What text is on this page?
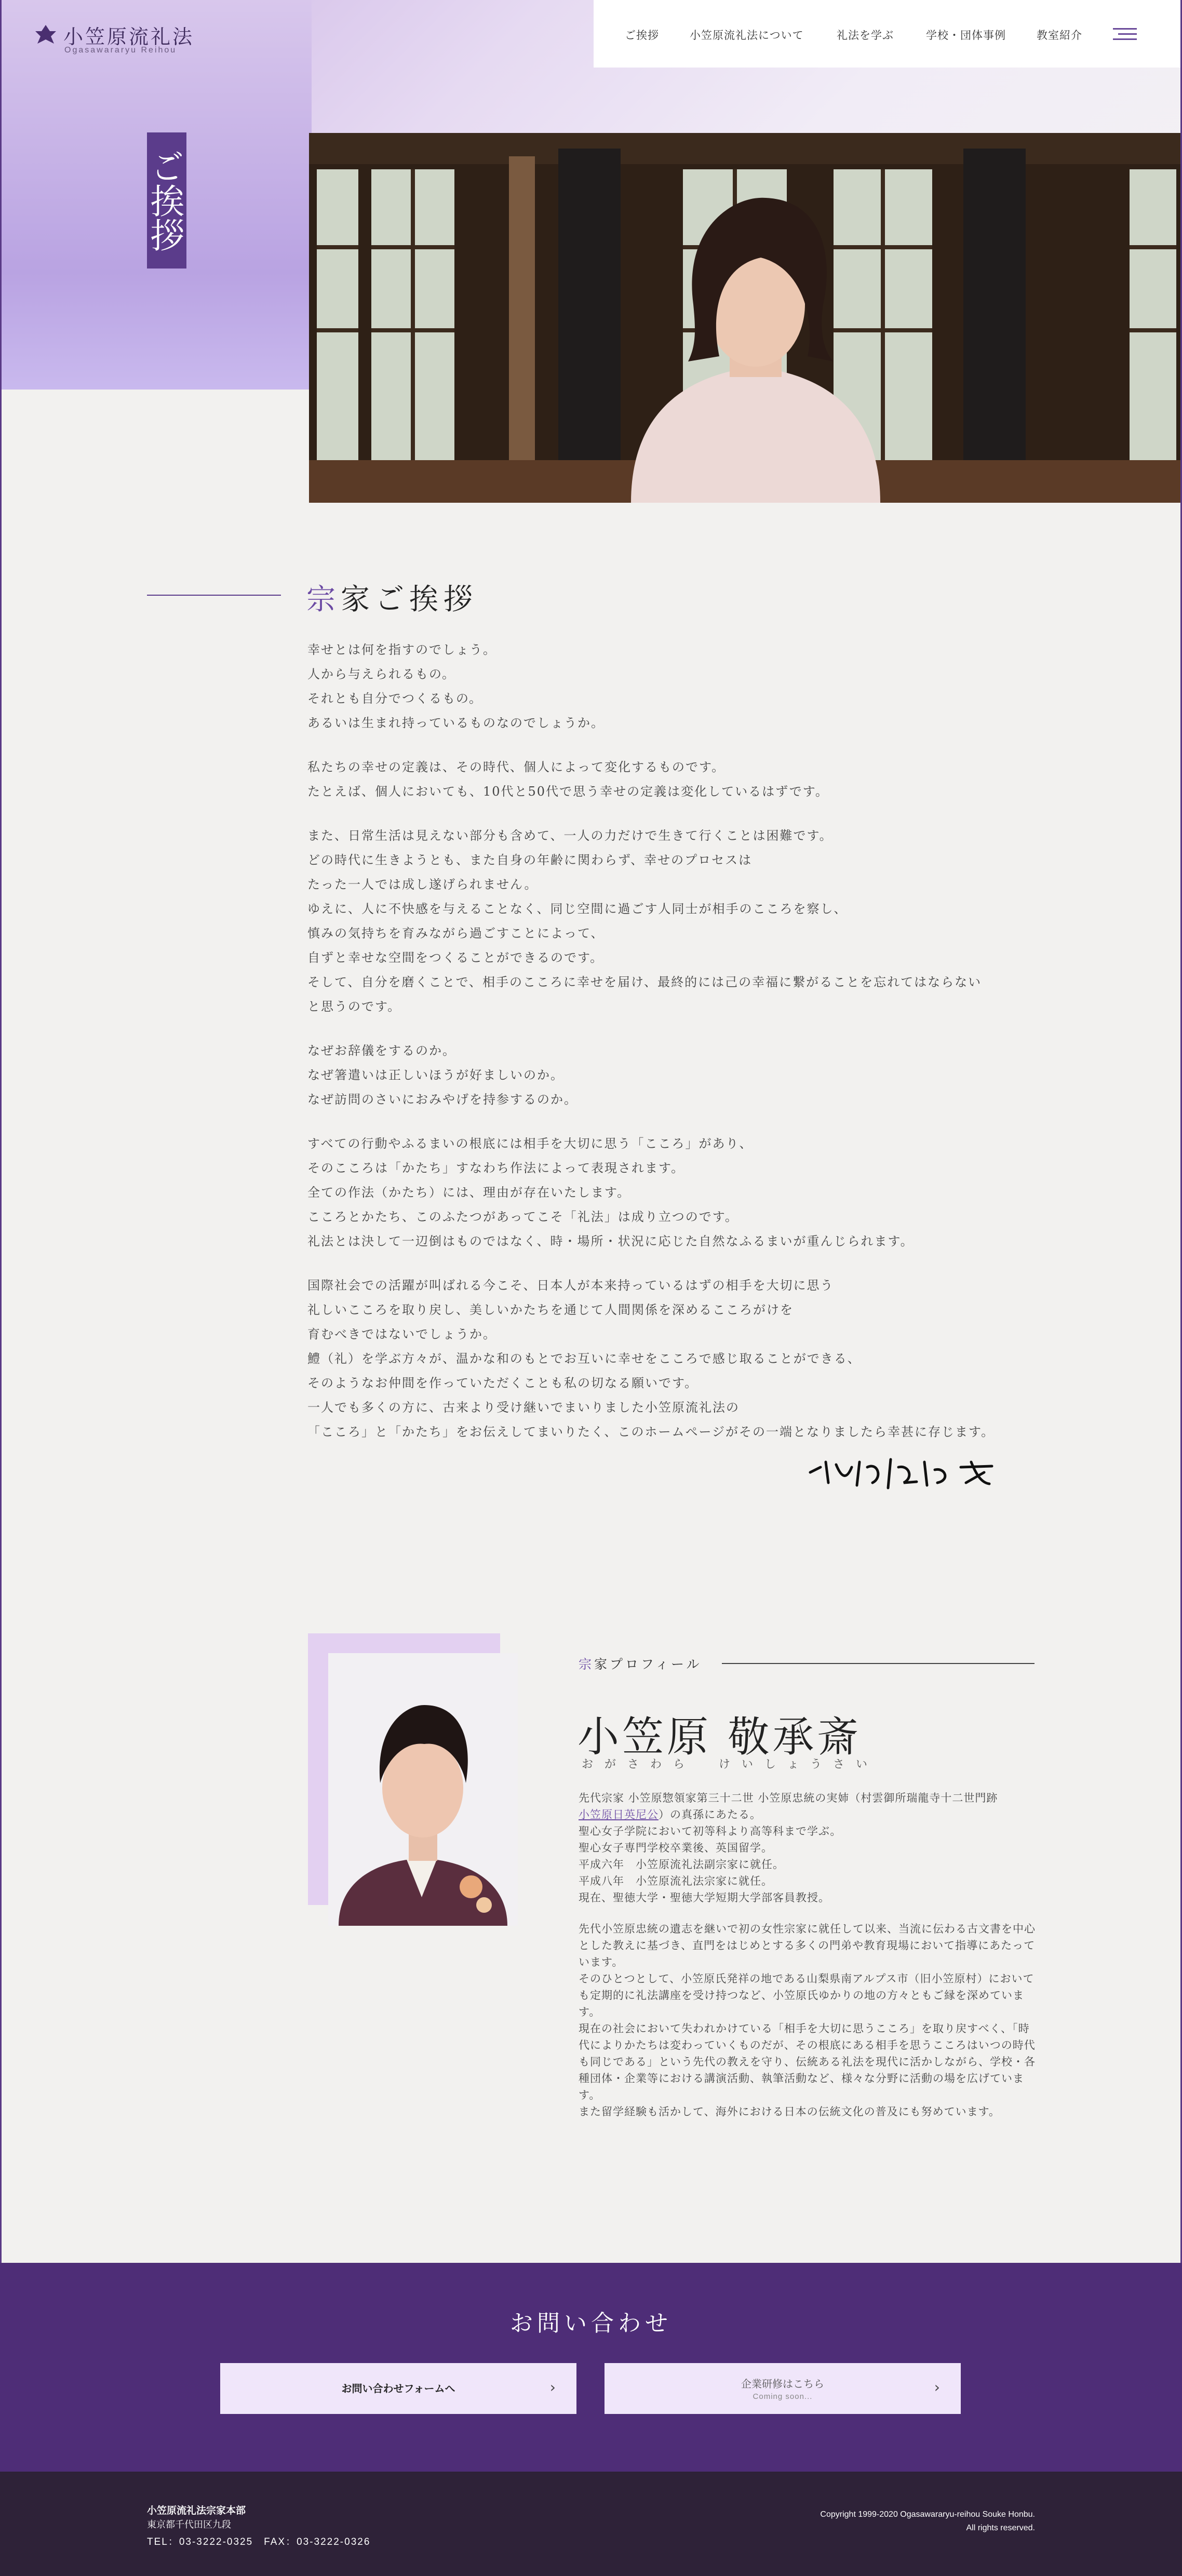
小笠原流礼法
Ogasawararyu Reihou
ご挨拶	小笠原流礼法について	礼法を学ぶ	学校・団体事例	教室紹介
ご挨拶
宗家ご挨拶
幸せとは何を指すのでしょう。
人から与えられるもの。
それとも自分でつくるもの。
あるいは生まれ持っているものなのでしょうか。
私たちの幸せの定義は、その時代、個人によって変化するものです。
たとえば、個人においても、10代と50代で思う幸せの定義は変化しているはずです。
また、日常生活は見えない部分も含めて、一人の力だけで生きて行くことは困難です。
どの時代に生きようとも、また自身の年齢に関わらず、幸せのプロセスは
たった一人では成し遂げられません。
ゆえに、人に不快感を与えることなく、同じ空間に過ごす人同士が相手のこころを察し、
慎みの気持ちを育みながら過ごすことによって、
自ずと幸せな空間をつくることができるのです。
そして、自分を磨くことで、相手のこころに幸せを届け、最終的には己の幸福に繋がることを忘れてはならない
と思うのです。
なぜお辞儀をするのか。
なぜ箸遣いは正しいほうが好ましいのか。
なぜ訪問のさいにおみやげを持参するのか。
すべての行動やふるまいの根底には相手を大切に思う「こころ」があり、
そのこころは「かたち」すなわち作法によって表現されます。
全ての作法（かたち）には、理由が存在いたします。
こころとかたち、このふたつがあってこそ「礼法」は成り立つのです。
礼法とは決して一辺倒はものではなく、時・場所・状況に応じた自然なふるまいが重んじられます。
国際社会での活躍が叫ばれる今こそ、日本人が本来持っているはずの相手を大切に思う
礼しいこころを取り戻し、美しいかたちを通じて人間関係を深めるこころがけを
育むべきではないでしょうか。
鱧（礼）を学ぶ方々が、温かな和のもとでお互いに幸せをこころで感じ取ることができる、
そのようなお仲間を作っていただくことも私の切なる願いです。
一人でも多くの方に、古来より受け継いでまいりました小笠原流礼法の
「こころ」と「かたち」をお伝えしてまいりたく、このホームページがその一端となりましたら幸甚に存じます。
宗家プロフィール
小笠原 敬承斎
おがさわら　けいしょうさい
先代宗家 小笠原惣領家第三十二世 小笠原忠統の実姉（村雲御所瑞龍寺十二世門跡
小笠原日英尼公）の真孫にあたる。
聖心女子学院において初等科より高等科まで学ぶ。
聖心女子専門学校卒業後、英国留学。
平成六年　小笠原流礼法副宗家に就任。
平成八年　小笠原流礼法宗家に就任。
現在、聖徳大学・聖徳大学短期大学部客員教授。
先代小笠原忠統の遺志を継いで初の女性宗家に就任して以来、当流に伝わる古文書を中心とした教えに基づき、直門をはじめとする多くの門弟や教育現場において指導にあたっています。
そのひとつとして、小笠原氏発祥の地である山梨県南アルプス市（旧小笠原村）においても定期的に礼法講座を受け持つなど、小笠原氏ゆかりの地の方々ともご縁を深めています。
現在の社会において失われかけている「相手を大切に思うこころ」を取り戻すべく、「時代によりかたちは変わっていくものだが、その根底にある相手を思うこころはいつの時代も同じである」という先代の教えを守り、伝統ある礼法を現代に活かしながら、学校・各種団体・企業等における講演活動、執筆活動など、様々な分野に活動の場を広げています。
また留学経験も活かして、海外における日本の伝統文化の普及にも努めています。
お問い合わせ
お問い合わせフォームへ	›	企業研修はこちら
Coming soon...
›
小笠原流礼法宗家本部
東京都千代田区九段
TEL：03-3222-0325　FAX：03-3222-0326
Copyright 1999-2020 Ogasawararyu-reihou Souke Honbu.
All rights reserved.
